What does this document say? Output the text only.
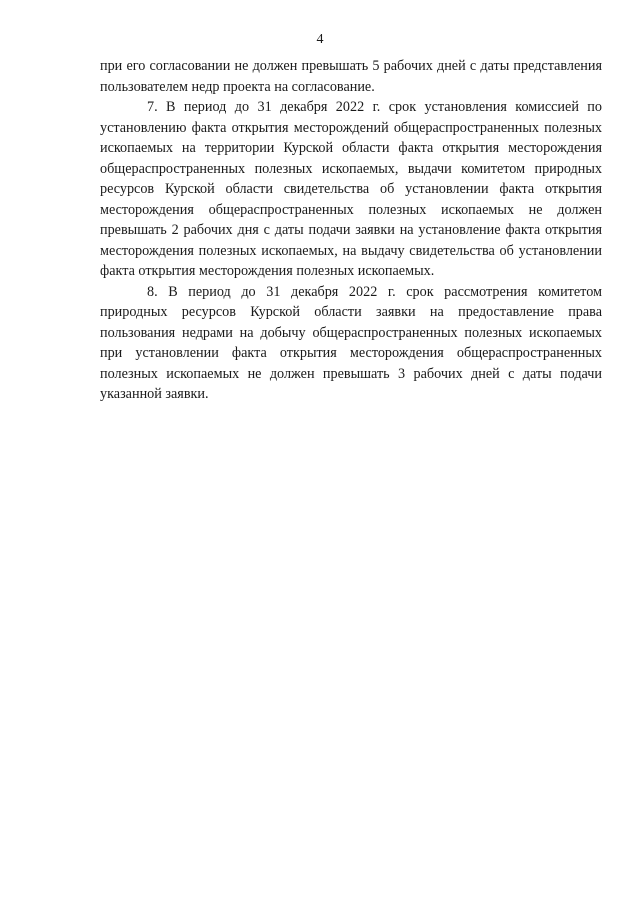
4

при его согласовании не должен превышать 5 рабочих дней с даты представления пользователем недр проекта на согласование.

7. В период до 31 декабря 2022 г. срок установления комиссией по установлению факта открытия месторождений общераспространенных полезных ископаемых на территории Курской области факта открытия месторождения общераспространенных полезных ископаемых, выдачи комитетом природных ресурсов Курской области свидетельства об установлении факта открытия месторождения общераспространенных полезных ископаемых не должен превышать 2 рабочих дня с даты подачи заявки на установление факта открытия месторождения полезных ископаемых, на выдачу свидетельства об установлении факта открытия месторождения полезных ископаемых.

8. В период до 31 декабря 2022 г. срок рассмотрения комитетом природных ресурсов Курской области заявки на предоставление права пользования недрами на добычу общераспространенных полезных ископаемых при установлении факта открытия месторождения общераспространенных полезных ископаемых не должен превышать 3 рабочих дней с даты подачи указанной заявки.
